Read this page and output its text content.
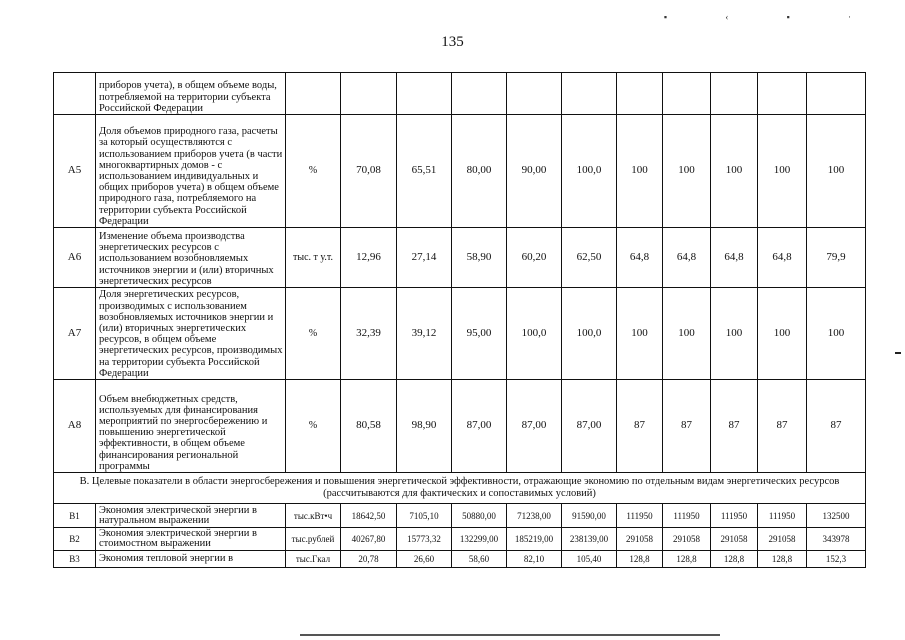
▪ ‹ ▪ ·
135
	приборов учета), в общем объеме воды, потребляемой на территории субъекта Российской Федерации											
А5	Доля объемов природного газа, расчеты за который осуществляются с использованием приборов учета (в части многоквартирных домов - с использованием индивидуальных и общих приборов учета) в общем объеме природного газа, потребляемого на территории субъекта Российской Федерации	%	70,08	65,51	80,00	90,00	100,0	100	100	100	100	100
А6	Изменение объема производства энергетических ресурсов с использованием возобновляемых источников энергии и (или) вторичных энергетических ресурсов	тыс. т у.т.	12,96	27,14	58,90	60,20	62,50	64,8	64,8	64,8	64,8	79,9
А7	Доля энергетических ресурсов, производимых с использованием возобновляемых источников энергии и (или) вторичных энергетических ресурсов, в общем объеме энергетических ресурсов, производимых на территории субъекта Российской Федерации	%	32,39	39,12	95,00	100,0	100,0	100	100	100	100	100
А8	Объем внебюджетных средств, используемых для финансирования мероприятий по энергосбережению и повышению энергетической эффективности, в общем объеме финансирования региональной программы	%	80,58	98,90	87,00	87,00	87,00	87	87	87	87	87
В. Целевые показатели в области энергосбережения и повышения энергетической эффективности, отражающие экономию по отдельным видам энергетических ресурсов (рассчитываются для фактических и сопоставимых условий)												
В1	Экономия электрической энергии в натуральном выражении	тыс.кВт•ч	18642,50	7105,10	50880,00	71238,00	91590,00	111950	111950	111950	111950	132500
В2	Экономия электрической энергии в стоимостном выражении	тыс.рублей	40267,80	15773,32	132299,00	185219,00	238139,00	291058	291058	291058	291058	343978
В3	Экономия тепловой энергии в	тыс.Гкал	20,78	26,60	58,60	82,10	105,40	128,8	128,8	128,8	128,8	152,3
